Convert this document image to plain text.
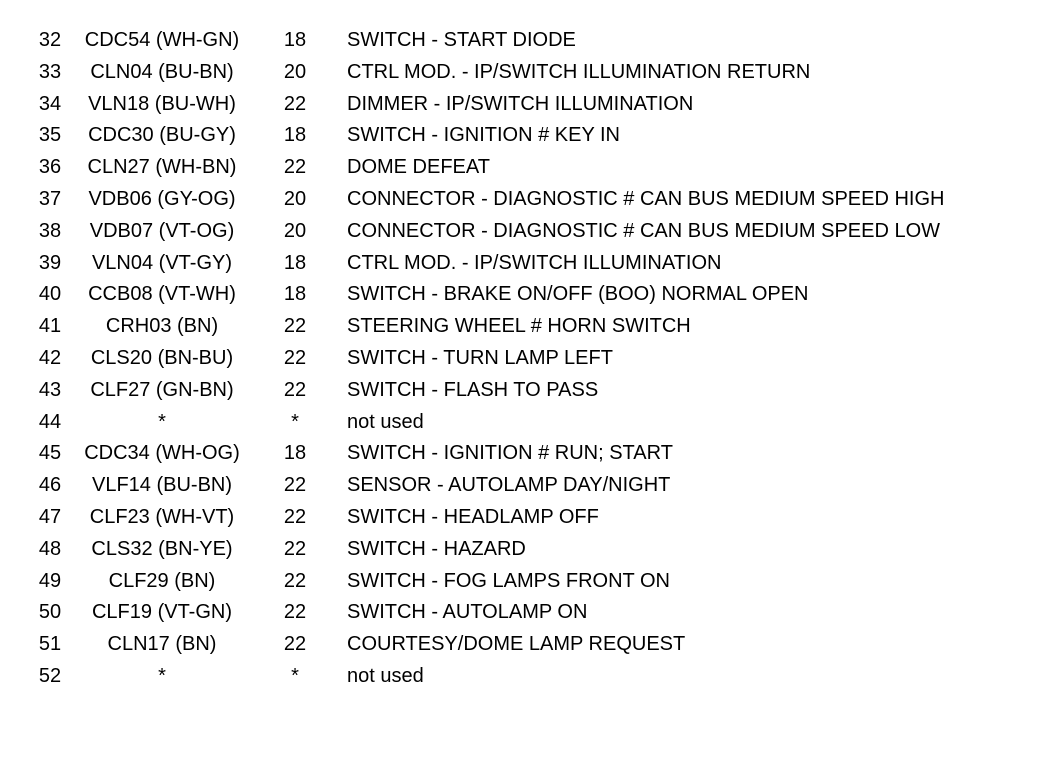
32	CDC54 (WH-GN)	18	SWITCH - START DIODE
33	CLN04 (BU-BN)	20	CTRL MOD. - IP/SWITCH ILLUMINATION RETURN
34	VLN18 (BU-WH)	22	DIMMER - IP/SWITCH ILLUMINATION
35	CDC30 (BU-GY)	18	SWITCH - IGNITION # KEY IN
36	CLN27 (WH-BN)	22	DOME DEFEAT
37	VDB06 (GY-OG)	20	CONNECTOR - DIAGNOSTIC # CAN BUS MEDIUM SPEED HIGH
38	VDB07 (VT-OG)	20	CONNECTOR - DIAGNOSTIC # CAN BUS MEDIUM SPEED LOW
39	VLN04 (VT-GY)	18	CTRL MOD. - IP/SWITCH ILLUMINATION
40	CCB08 (VT-WH)	18	SWITCH - BRAKE ON/OFF (BOO) NORMAL OPEN
41	CRH03 (BN)	22	STEERING WHEEL # HORN SWITCH
42	CLS20 (BN-BU)	22	SWITCH - TURN LAMP LEFT
43	CLF27 (GN-BN)	22	SWITCH - FLASH TO PASS
44	*	*	not used
45	CDC34 (WH-OG)	18	SWITCH - IGNITION # RUN; START
46	VLF14 (BU-BN)	22	SENSOR - AUTOLAMP DAY/NIGHT
47	CLF23 (WH-VT)	22	SWITCH - HEADLAMP OFF
48	CLS32 (BN-YE)	22	SWITCH - HAZARD
49	CLF29 (BN)	22	SWITCH - FOG LAMPS FRONT ON
50	CLF19 (VT-GN)	22	SWITCH - AUTOLAMP ON
51	CLN17 (BN)	22	COURTESY/DOME LAMP REQUEST
52	*	*	not used
